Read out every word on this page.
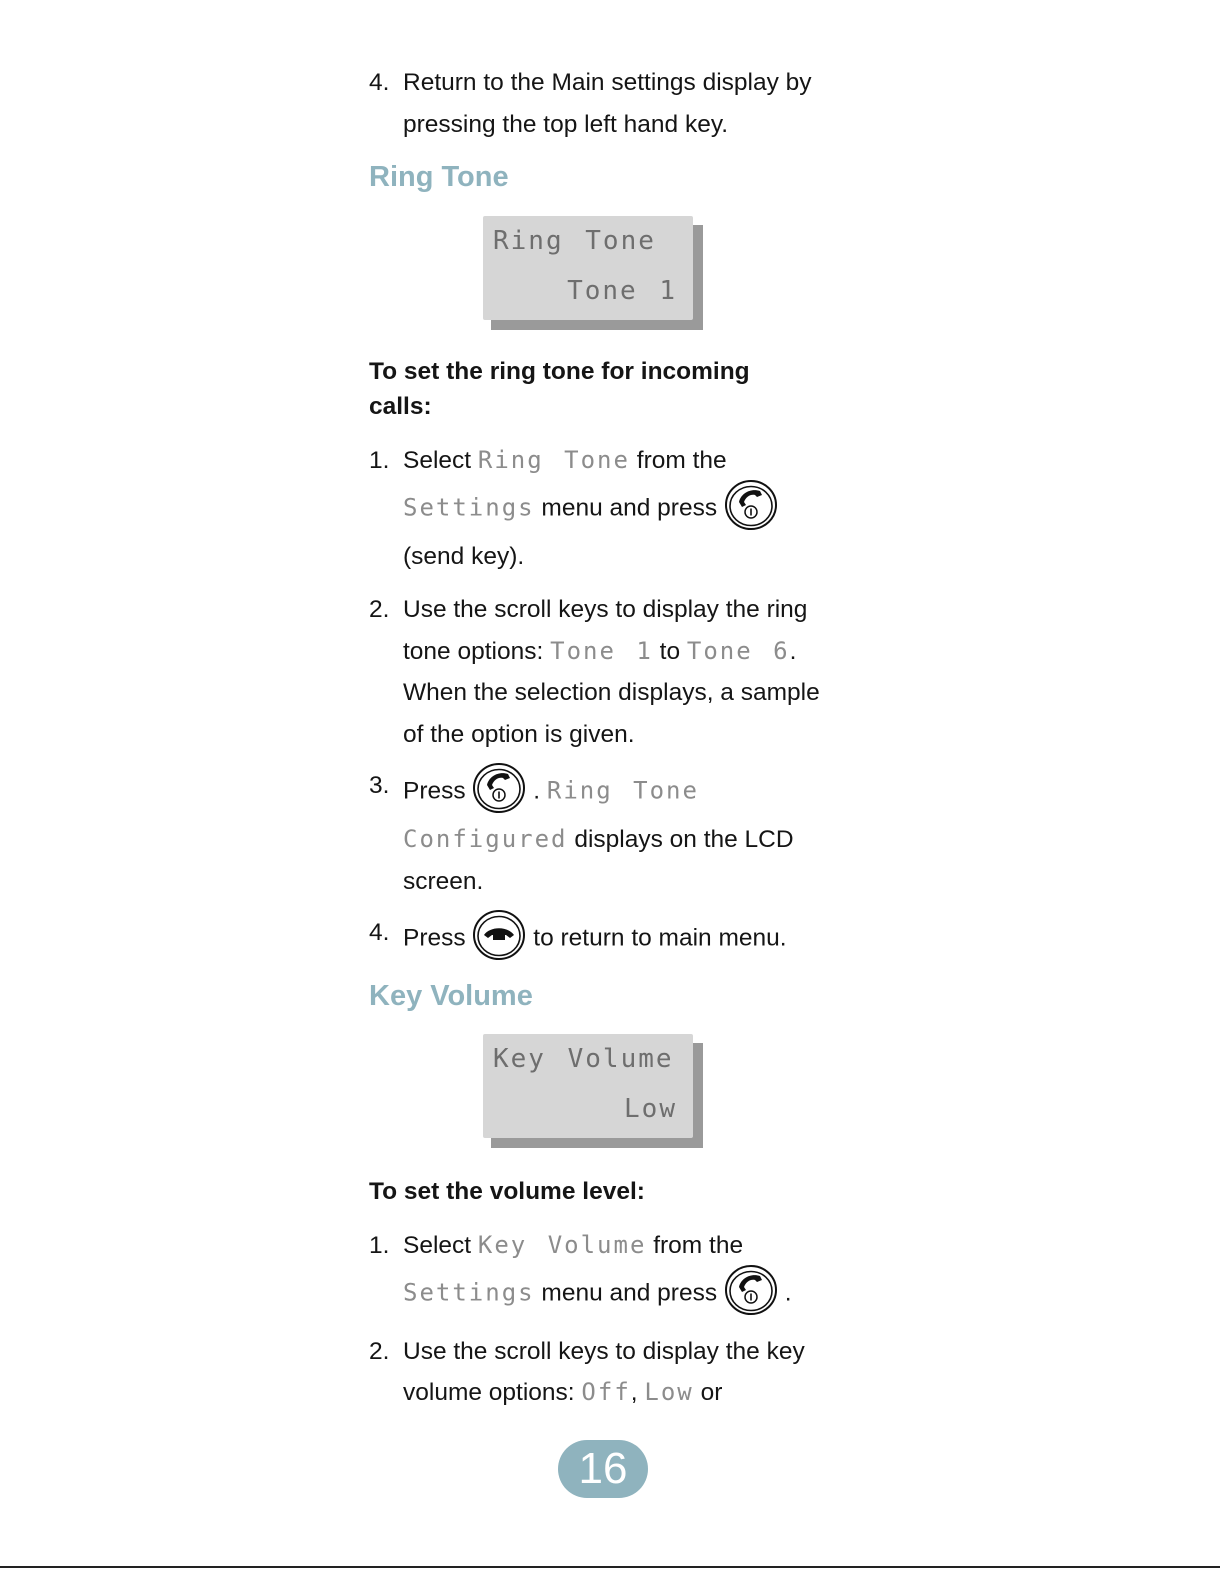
4. Return to the Main settings display by pressing the top left hand key.
Ring Tone
Ring Tone
Tone 1
To set the ring tone for incoming calls:
1. Select Ring Tone from the
Settings menu and press

(send key).
2. Use the scroll keys to display the ring tone options: Tone 1 to Tone 6. When the selection displays, a sample of the option is given.
3. Press	. Ring Tone
Configured displays on the LCD screen.
4. Press	to return to main menu.
Key Volume
Key Volume
Low
To set the volume level:
1. Select Key Volume from the
Settings menu and press	.
2. Use the scroll keys to display the key volume options: Off, Low or
16
